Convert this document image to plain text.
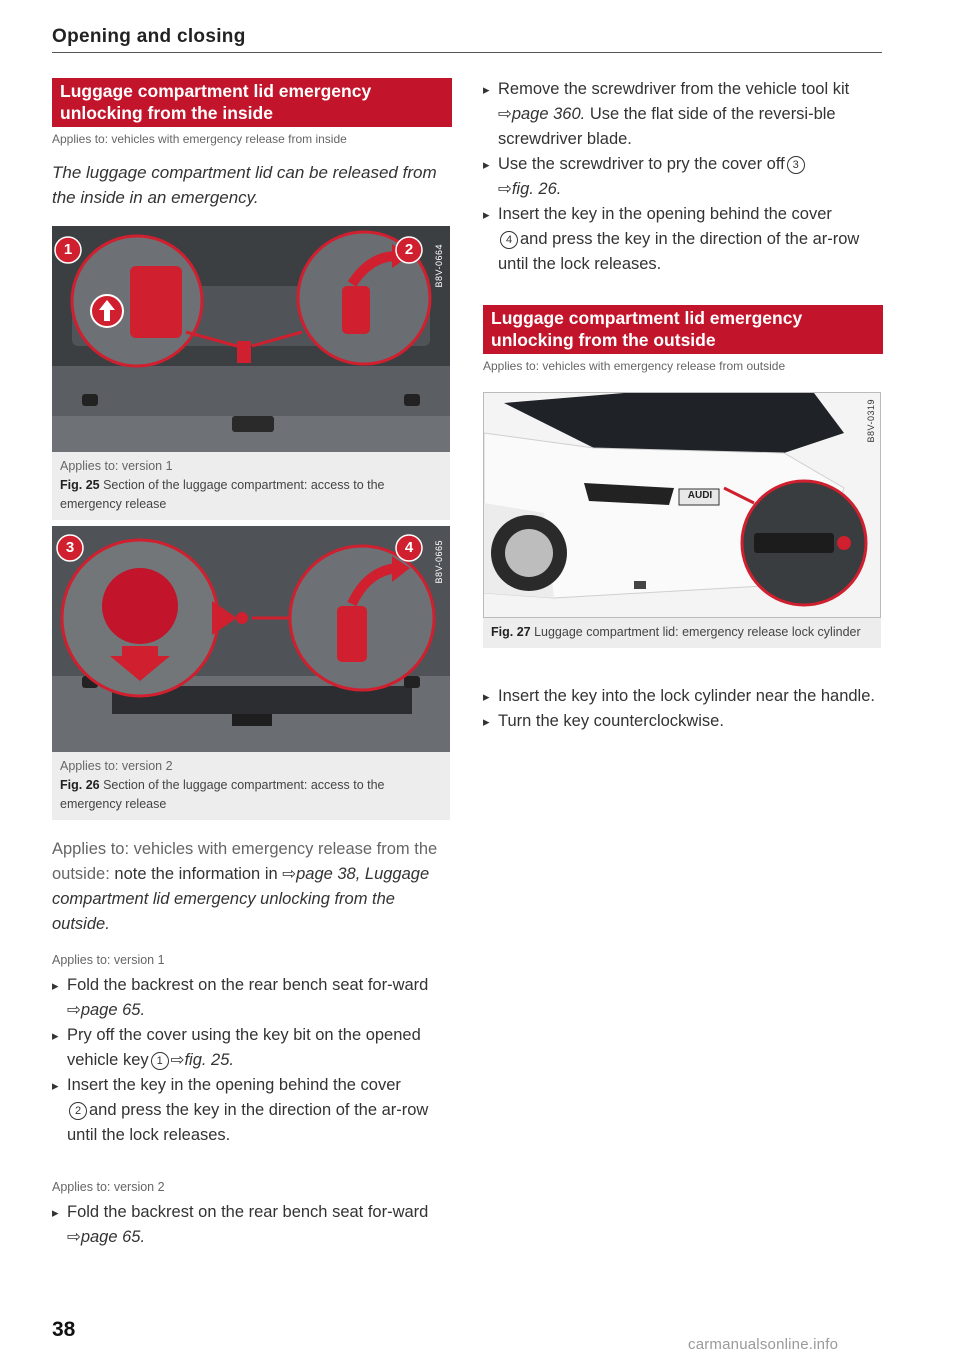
Opening and closing
Luggage compartment lid emergency unlocking from the inside
Applies to: vehicles with emergency release from inside
The luggage compartment lid can be released from the inside in an emergency.
1	2 B8V-0664
Applies to: version 1
Fig. 25 Section of the luggage compartment: access to the emergency release
3	4 B8V-0665
Applies to: version 2
Fig. 26 Section of the luggage compartment: access to the emergency release
Applies to: vehicles with emergency release from the outside: note the information in ⇨page 38, Luggage compartment lid emergency unlocking from the outside.
Applies to: version 1
▸ Fold the backrest on the rear bench seat for-ward ⇨page 65.
▸ Pry off the cover using the key bit on the opened vehicle key 1 ⇨fig. 25.
▸ Insert the key in the opening behind the cover
2 and press the key in the direction of the ar-row until the lock releases.
Applies to: version 2
▸ Fold the backrest on the rear bench seat for-ward ⇨page 65.
▸ Remove the screwdriver from the vehicle tool kit ⇨page 360. Use the flat side of the reversi-ble screwdriver blade.
▸ Use the screwdriver to pry the cover off 3
⇨fig. 26.
▸ Insert the key in the opening behind the cover
4 and press the key in the direction of the ar-row until the lock releases.
Luggage compartment lid emergency unlocking from the outside
Applies to: vehicles with emergency release from outside
AUDI
B8V-0319
Fig. 27 Luggage compartment lid: emergency release lock cylinder
▸ Insert the key into the lock cylinder near the handle.
▸ Turn the key counterclockwise.
38
carmanualsonline.info
